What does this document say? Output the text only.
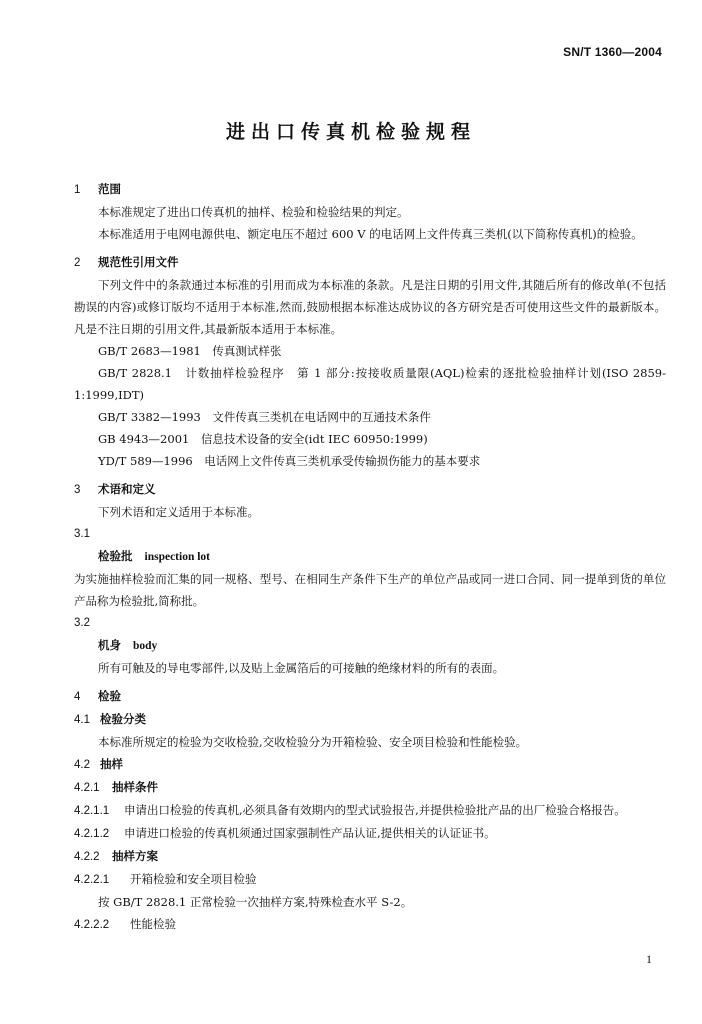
SN/T 1360—2004
进出口传真机检验规程
1 范围
本标准规定了进出口传真机的抽样、检验和检验结果的判定。
本标准适用于电网电源供电、额定电压不超过 600 V 的电话网上文件传真三类机(以下简称传真机)的检验。
2 规范性引用文件
下列文件中的条款通过本标准的引用而成为本标准的条款。凡是注日期的引用文件,其随后所有的修改单(不包括勘误的内容)或修订版均不适用于本标准,然而,鼓励根据本标准达成协议的各方研究是否可使用这些文件的最新版本。凡是不注日期的引用文件,其最新版本适用于本标准。
GB/T 2683—1981　传真测试样张
GB/T 2828.1　计数抽样检验程序　第 1 部分:按接收质量限(AQL)检索的逐批检验抽样计划(ISO 2859-1:1999,IDT)
GB/T 3382—1993　文件传真三类机在电话网中的互通技术条件
GB 4943—2001　信息技术设备的安全(idt IEC 60950:1999)
YD/T 589—1996　电话网上文件传真三类机承受传输损伤能力的基本要求
3 术语和定义
下列术语和定义适用于本标准。
3.1
检验批 inspection lot
为实施抽样检验而汇集的同一规格、型号、在相同生产条件下生产的单位产品或同一进口合同、同一提单到货的单位产品称为检验批,简称批。
3.2
机身 body
所有可触及的导电零部件,以及贴上金属箔后的可接触的绝缘材料的所有的表面。
4 检验
4.1 检验分类
本标准所规定的检验为交收检验,交收检验分为开箱检验、安全项目检验和性能检验。
4.2 抽样
4.2.1 抽样条件
4.2.1.1 申请出口检验的传真机,必须具备有效期内的型式试验报告,并提供检验批产品的出厂检验合格报告。
4.2.1.2 申请进口检验的传真机须通过国家强制性产品认证,提供相关的认证证书。
4.2.2 抽样方案
4.2.2.1 开箱检验和安全项目检验
按 GB/T 2828.1 正常检验一次抽样方案,特殊检查水平 S-2。
4.2.2.2 性能检验
1
